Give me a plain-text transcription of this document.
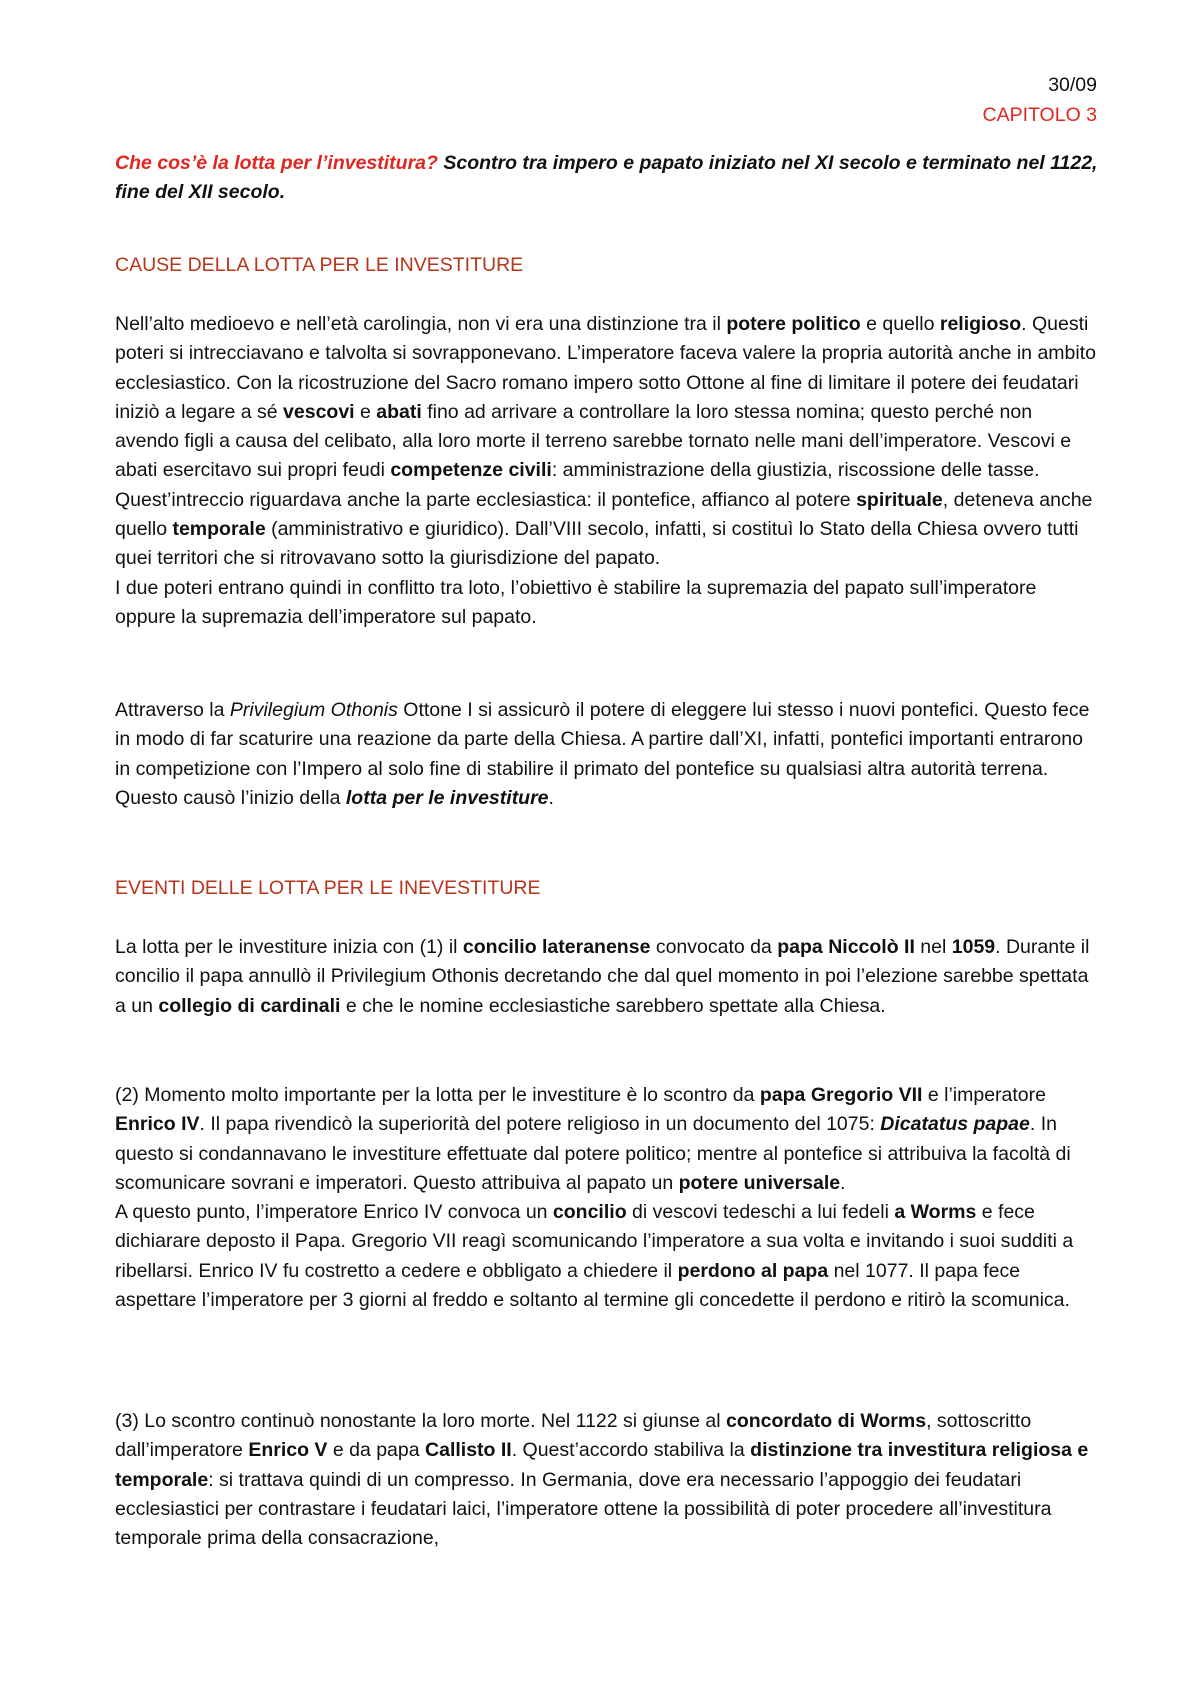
30/09
CAPITOLO 3

Che cos’è la lotta per l’investitura? Scontro tra impero e papato iniziato nel XI secolo e terminato nel 1122, fine del XII secolo.

CAUSE DELLA LOTTA PER LE INVESTITURE

Nell’alto medioevo e nell’età carolingia, non vi era una distinzione tra il potere politico e quello religioso. Questi poteri si intrecciavano e talvolta si sovrapponevano. L’imperatore faceva valere la propria autorità anche in ambito ecclesiastico. Con la ricostruzione del Sacro romano impero sotto Ottone al fine di limitare il potere dei feudatari iniziò a legare a sé vescovi e abati fino ad arrivare a controllare la loro stessa nomina; questo perché non avendo figli a causa del celibato, alla loro morte il terreno sarebbe tornato nelle mani dell’imperatore. Vescovi e abati esercitavo sui propri feudi competenze civili: amministrazione della giustizia, riscossione delle tasse.
Quest’intreccio riguardava anche la parte ecclesiastica: il pontefice, affianco al potere spirituale, deteneva anche quello temporale (amministrativo e giuridico). Dall’VIII secolo, infatti, si costituì lo Stato della Chiesa ovvero tutti quei territori che si ritrovavano sotto la giurisdizione del papato.
I due poteri entrano quindi in conflitto tra loto, l’obiettivo è stabilire la supremazia del papato sull’imperatore oppure la supremazia dell’imperatore sul papato.

Attraverso la Privilegium Othonis Ottone I si assicurò il potere di eleggere lui stesso i nuovi pontefici. Questo fece in modo di far scaturire una reazione da parte della Chiesa. A partire dall’XI, infatti, pontefici importanti entrarono in competizione con l’Impero al solo fine di stabilire il primato del pontefice su qualsiasi altra autorità terrena. Questo causò l’inizio della lotta per le investiture.

EVENTI DELLE LOTTA PER LE INEVESTITURE

La lotta per le investiture inizia con (1) il concilio lateranense convocato da papa Niccolò II nel 1059. Durante il concilio il papa annullò il Privilegium Othonis decretando che dal quel momento in poi l’elezione sarebbe spettata a un collegio di cardinali e che le nomine ecclesiastiche sarebbero spettate alla Chiesa.

(2) Momento molto importante per la lotta per le investiture è lo scontro da papa Gregorio VII e l’imperatore Enrico IV. Il papa rivendicò la superiorità del potere religioso in un documento del 1075: Dicatatus papae. In questo si condannavano le investiture effettuate dal potere politico; mentre al pontefice si attribuiva la facoltà di scomunicare sovrani e imperatori. Questo attribuiva al papato un potere universale.
A questo punto, l’imperatore Enrico IV convoca un concilio di vescovi tedeschi a lui fedeli a Worms e fece dichiarare deposto il Papa. Gregorio VII reagì scomunicando l’imperatore a sua volta e invitando i suoi sudditi a ribellarsi. Enrico IV fu costretto a cedere e obbligato a chiedere il perdono al papa nel 1077. Il papa fece aspettare l’imperatore per 3 giorni al freddo e soltanto al termine gli concedette il perdono e ritirò la scomunica.

(3) Lo scontro continuò nonostante la loro morte. Nel 1122 si giunse al concordato di Worms, sottoscritto dall’imperatore Enrico V e da papa Callisto II. Quest’accordo stabiliva la distinzione tra investitura religiosa e temporale: si trattava quindi di un compresso. In Germania, dove era necessario l’appoggio dei feudatari ecclesiastici per contrastare i feudatari laici, l’imperatore ottene la possibilità di poter procedere all’investitura temporale prima della consacrazione,
